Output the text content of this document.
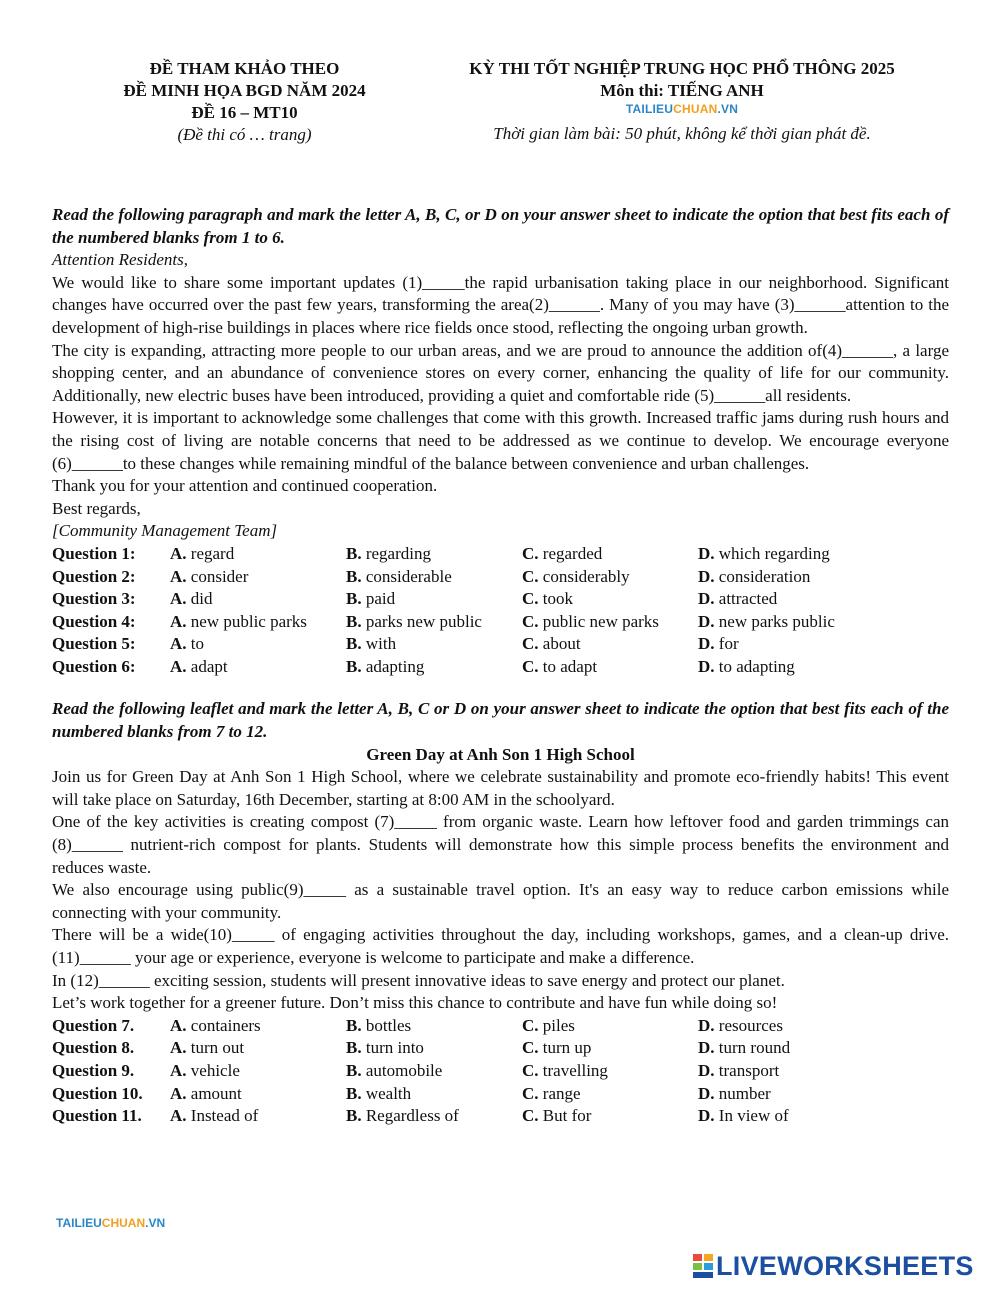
ĐỀ THAM KHẢO THEO
ĐỀ MINH HỌA BGD NĂM 2024
ĐỀ 16 – MT10
(Đề thi có … trang)
KỲ THI TỐT NGHIỆP TRUNG HỌC PHỔ THÔNG 2025
Môn thi: TIẾNG ANH
TAILIEUCHUAN.VN
Thời gian làm bài: 50 phút, không kể thời gian phát đề.
Read the following paragraph and mark the letter A, B, C, or D on your answer sheet to indicate the option that best fits each of the numbered blanks from 1 to 6.
Attention Residents,

We would like to share some important updates (1)_____the rapid urbanisation taking place in our neighborhood. Significant changes have occurred over the past few years, transforming the area(2)______. Many of you may have (3)______attention to the development of high-rise buildings in places where rice fields once stood, reflecting the ongoing urban growth.

The city is expanding, attracting more people to our urban areas, and we are proud to announce the addition of(4)______, a large shopping center, and an abundance of convenience stores on every corner, enhancing the quality of life for our community. Additionally, new electric buses have been introduced, providing a quiet and comfortable ride (5)______all residents.

However, it is important to acknowledge some challenges that come with this growth. Increased traffic jams during rush hours and the rising cost of living are notable concerns that need to be addressed as we continue to develop. We encourage everyone (6)______to these changes while remaining mindful of the balance between convenience and urban challenges.

Thank you for your attention and continued cooperation.

Best regards,

[Community Management Team]

Question 1:	A. regard	B. regarding	C. regarded	D. which regarding
Question 2:	A. consider	B. considerable	C. considerably	D. consideration
Question 3:	A. did	B. paid	C. took	D. attracted
Question 4:	A. new public parks	B. parks new public	C. public new parks	D. new parks public
Question 5:	A. to	B. with	C. about	D. for
Question 6:	A. adapt	B. adapting	C. to adapt	D. to adapting
Read the following leaflet and mark the letter A, B, C or D on your answer sheet to indicate the option that best fits each of the numbered blanks from 7 to 12.
Green Day at Anh Son 1 High School

Join us for Green Day at Anh Son 1 High School, where we celebrate sustainability and promote eco-friendly habits! This event will take place on Saturday, 16th December, starting at 8:00 AM in the schoolyard.

One of the key activities is creating compost (7)_____ from organic waste. Learn how leftover food and garden trimmings can (8)______ nutrient-rich compost for plants. Students will demonstrate how this simple process benefits the environment and reduces waste.

We also encourage using public(9)_____ as a sustainable travel option. It's an easy way to reduce carbon emissions while connecting with your community.

There will be a wide(10)_____ of engaging activities throughout the day, including workshops, games, and a clean-up drive. (11)______ your age or experience, everyone is welcome to participate and make a difference.

In (12)______ exciting session, students will present innovative ideas to save energy and protect our planet.

Let’s work together for a greener future. Don’t miss this chance to contribute and have fun while doing so!

Question 7.	A. containers	B. bottles	C. piles	D. resources
Question 8.	A. turn out	B. turn into	C. turn up	D. turn round
Question 9.	A. vehicle	B. automobile	C. travelling	D. transport
Question 10.	A. amount	B. wealth	C. range	D. number
Question 11.	A. Instead of	B. Regardless of	C. But for	D. In view of
TAILIEUCHUAN.VN
LIVEWORKSHEETS
